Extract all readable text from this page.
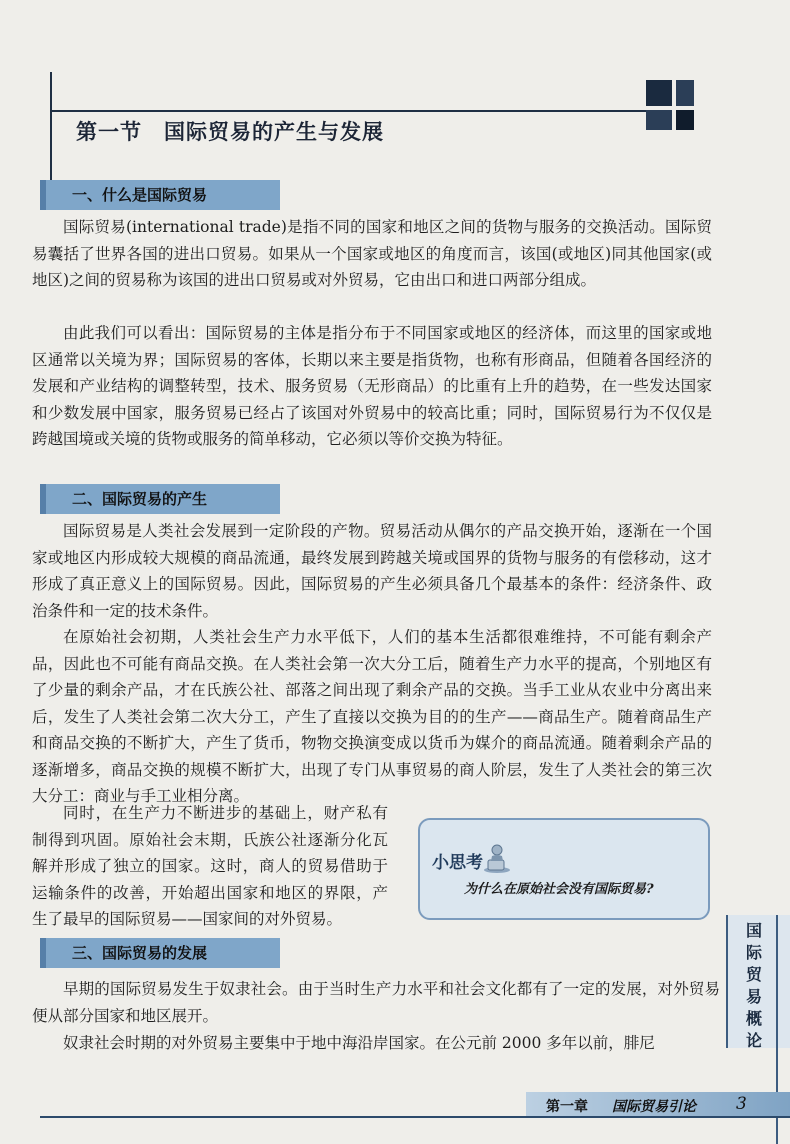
第一节　国际贸易的产生与发展
一、什么是国际贸易

国际贸易(international trade)是指不同的国家和地区之间的货物与服务的交换活动。国际贸易囊括了世界各国的进出口贸易。如果从一个国家或地区的角度而言，该国(或地区)同其他国家(或地区)之间的贸易称为该国的进出口贸易或对外贸易，它由出口和进口两部分组成。

由此我们可以看出：国际贸易的主体是指分布于不同国家或地区的经济体，而这里的国家或地区通常以关境为界；国际贸易的客体，长期以来主要是指货物，也称有形商品，但随着各国经济的发展和产业结构的调整转型，技术、服务贸易（无形商品）的比重有上升的趋势，在一些发达国家和少数发展中国家，服务贸易已经占了该国对外贸易中的较高比重；同时，国际贸易行为不仅仅是跨越国境或关境的货物或服务的简单移动，它必须以等价交换为特征。

二、国际贸易的产生

国际贸易是人类社会发展到一定阶段的产物。贸易活动从偶尔的产品交换开始，逐渐在一个国家或地区内形成较大规模的商品流通，最终发展到跨越关境或国界的货物与服务的有偿移动，这才形成了真正意义上的国际贸易。因此，国际贸易的产生必须具备几个最基本的条件：经济条件、政治条件和一定的技术条件。

在原始社会初期，人类社会生产力水平低下，人们的基本生活都很难维持，不可能有剩余产品，因此也不可能有商品交换。在人类社会第一次大分工后，随着生产力水平的提高，个别地区有了少量的剩余产品，才在氏族公社、部落之间出现了剩余产品的交换。当手工业从农业中分离出来后，发生了人类社会第二次大分工，产生了直接以交换为目的的生产——商品生产。随着商品生产和商品交换的不断扩大，产生了货币，物物交换演变成以货币为媒介的商品流通。随着剩余产品的逐渐增多，商品交换的规模不断扩大，出现了专门从事贸易的商人阶层，发生了人类社会的第三次大分工：商业与手工业相分离。

同时，在生产力不断进步的基础上，财产私有制得到巩固。原始社会末期，氏族公社逐渐分化瓦解并形成了独立的国家。这时，商人的贸易借助于运输条件的改善，开始超出国家和地区的界限，产生了最早的国际贸易——国家间的对外贸易。

小思考
为什么在原始社会没有国际贸易?
三、国际贸易的发展

早期的国际贸易发生于奴隶社会。由于当时生产力水平和社会文化都有了一定的发展，对外贸易便从部分国家和地区展开。

奴隶社会时期的对外贸易主要集中于地中海沿岸国家。在公元前 2000 多年以前，腓尼

国际贸易概论
第一章 国际贸易引论 3
